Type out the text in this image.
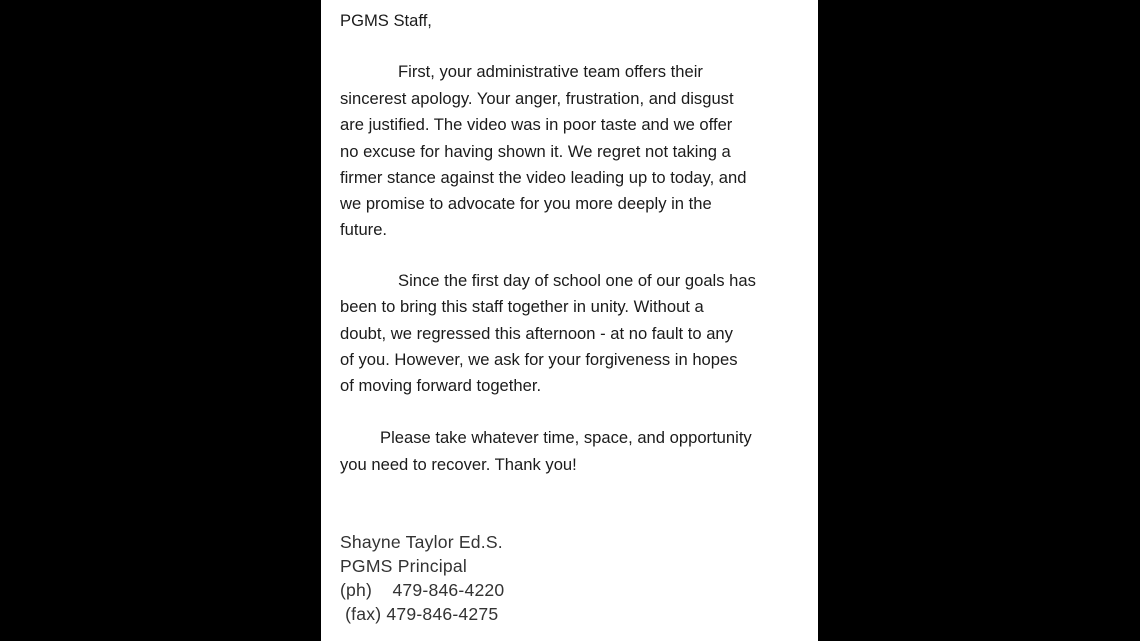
PGMS Staff,
First, your administrative team offers their
sincerest apology. Your anger, frustration, and disgust
are justified. The video was in poor taste and we offer
no excuse for having shown it. We regret not taking a
firmer stance against the video leading up to today, and
we promise to advocate for you more deeply in the
future.
Since the first day of school one of our goals has
been to bring this staff together in unity. Without a
doubt, we regressed this afternoon - at no fault to any
of you. However, we ask for your forgiveness in hopes
of moving forward together.
Please take whatever time, space, and opportunity
you need to recover. Thank you!
Shayne Taylor Ed.S.
PGMS Principal
(ph)    479-846-4220
(fax) 479-846-4275
